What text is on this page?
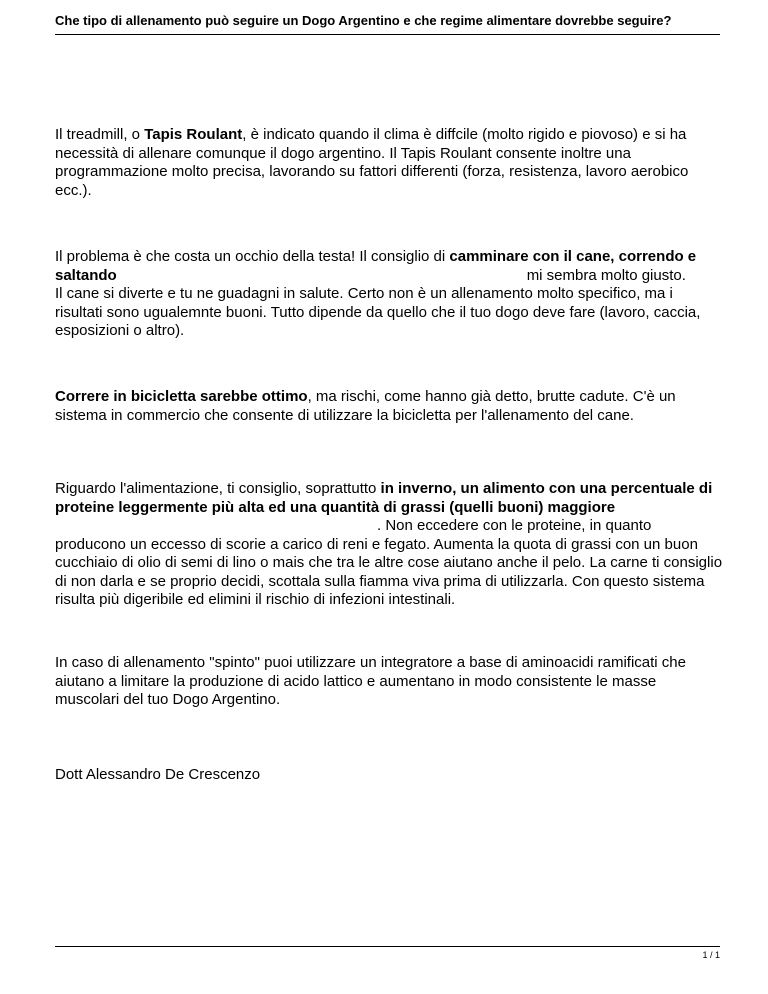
Che tipo di allenamento può seguire un Dogo Argentino e che regime alimentare dovrebbe seguire?

Il treadmill, o Tapis Roulant, è indicato quando il clima è diffcile (molto rigido e piovoso) e si ha necessità di allenare comunque il dogo argentino. Il Tapis Roulant consente inoltre una programmazione molto precisa, lavorando su fattori differenti (forza, resistenza, lavoro aerobico ecc.).

Il problema è che costa un occhio della testa! Il consiglio di camminare con il cane, correndo e saltando	mi sembra molto giusto.
Il cane si diverte e tu ne guadagni in salute. Certo non è un allenamento molto specifico, ma i risultati sono ugualemnte buoni. Tutto dipende da quello che il tuo dogo deve fare (lavoro, caccia, esposizioni o altro).

Correre in bicicletta sarebbe ottimo, ma rischi, come hanno già detto, brutte cadute. C'è un sistema in commercio che consente di utilizzare la bicicletta per l'allenamento del cane.

Riguardo l'alimentazione, ti consiglio, soprattutto in inverno, un alimento con una percentuale di proteine leggermente più alta ed una quantità di grassi (quelli buoni) maggiore. Non eccedere con le proteine, in quanto producono un eccesso di scorie a carico di reni e fegato. Aumenta la quota di grassi con un buon cucchiaio di olio di semi di lino o mais che tra le altre cose aiutano anche il pelo. La carne ti consiglio di non darla e se proprio decidi, scottala sulla fiamma viva prima di utilizzarla. Con questo sistema risulta più digeribile ed elimini il rischio di infezioni intestinali.

In caso di allenamento "spinto" puoi utilizzare un integratore a base di aminoacidi ramificati che aiutano a limitare la produzione di acido lattico e aumentano in modo consistente le masse muscolari del tuo Dogo Argentino.

Dott Alessandro De Crescenzo

1 / 1
